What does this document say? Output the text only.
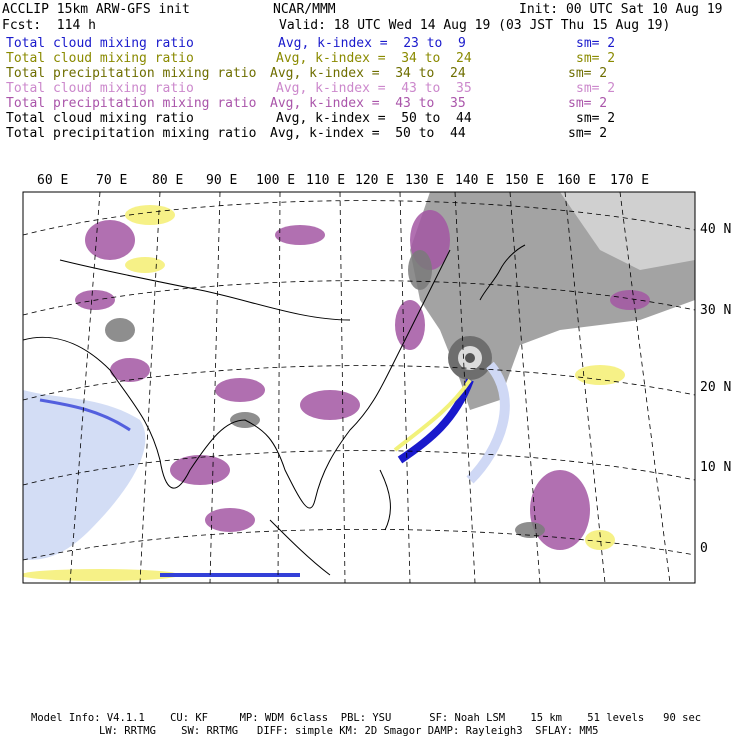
ACCLIP 15km ARW-GFS init	NCAR/MMM	Init: 00 UTC Sat 10 Aug 19
Fcst:  114 h	Valid: 18 UTC Wed 14 Aug 19 (03 JST Thu 15 Aug 19)
Total cloud mixing ratio	Avg, k-index =  23 to  9	sm= 2
Total cloud mixing ratio	Avg, k-index =  34 to  24	sm= 2
Total precipitation mixing ratio Avg, k-index =  34 to  24	sm= 2
Total cloud mixing ratio	Avg, k-index =  43 to  35	sm= 2
Total precipitation mixing ratio Avg, k-index =  43 to  35	sm= 2
Total cloud mixing ratio	Avg, k-index =  50 to  44	sm= 2
Total precipitation mixing ratio Avg, k-index =  50 to  44	sm= 2
60 E 70 E 80 E 90 E 100 E 110 E 120 E 130 E 140 E 150 E 160 E 170 E
40 N
30 N
20 N
10 N
0
Model Info: V4.1.1    CU: KF     MP: WDM 6class  PBL: YSU      SF: Noah LSM    15 km    51 levels   90 sec
LW: RRTMG    SW: RRTMG   DIFF: simple KM: 2D Smagor DAMP: Rayleigh3  SFLAY: MM5
